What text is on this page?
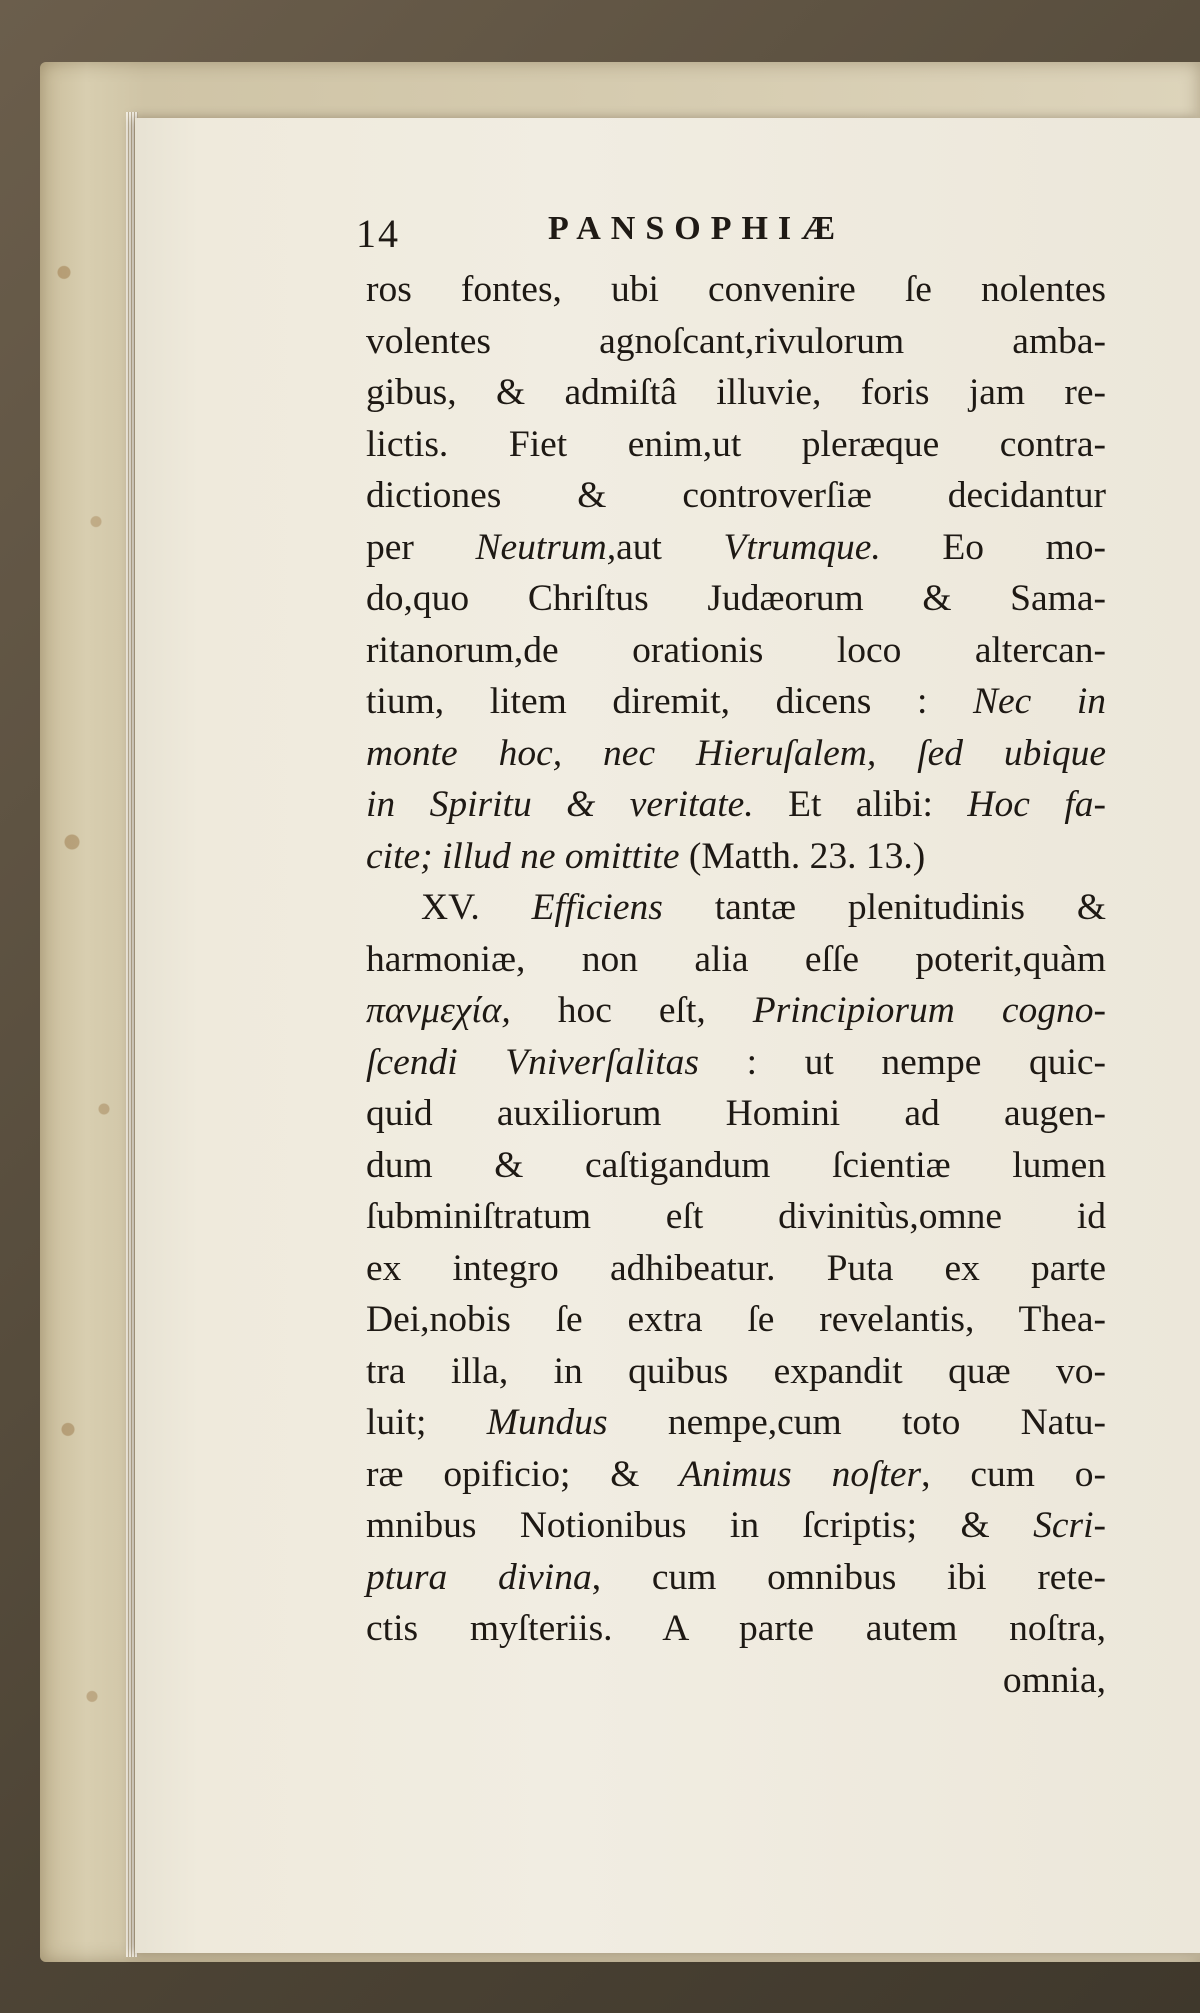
14	PANSOPHIÆ
ros fontes, ubi convenire ſe nolentes
volentes agnoſcant,rivulorum amba-
gibus, & admiſtâ illuvie, foris jam re-
lictis. Fiet enim,ut pleræque contra-
dictiones & controverſiæ decidantur
per Neutrum,aut Vtrumque. Eo mo-
do,quo Chriſtus Judæorum & Sama-
ritanorum,de orationis loco altercan-
tium, litem diremit, dicens : Nec in
monte hoc, nec Hieruſalem, ſed ubique
in Spiritu & veritate. Et alibi: Hoc fa-
cite; illud ne omittite (Matth. 23. 13.)
XV. Efficiens tantæ plenitudinis &
harmoniæ, non alia eſſe poterit,quàm
πανμεχία, hoc eſt, Principiorum cogno-
ſcendi Vniverſalitas : ut nempe quic-
quid auxiliorum Homini ad augen-
dum & caſtigandum ſcientiæ lumen
ſubminiſtratum eſt divinitùs,omne id
ex integro adhibeatur. Puta ex parte
Dei,nobis ſe extra ſe revelantis, Thea-
tra illa, in quibus expandit quæ vo-
luit; Mundus nempe,cum toto Natu-
ræ opificio; & Animus noſter, cum o-
mnibus Notionibus in ſcriptis; & Scri-
ptura divina, cum omnibus ibi rete-
ctis myſteriis. A parte autem noſtra,
omnia,
